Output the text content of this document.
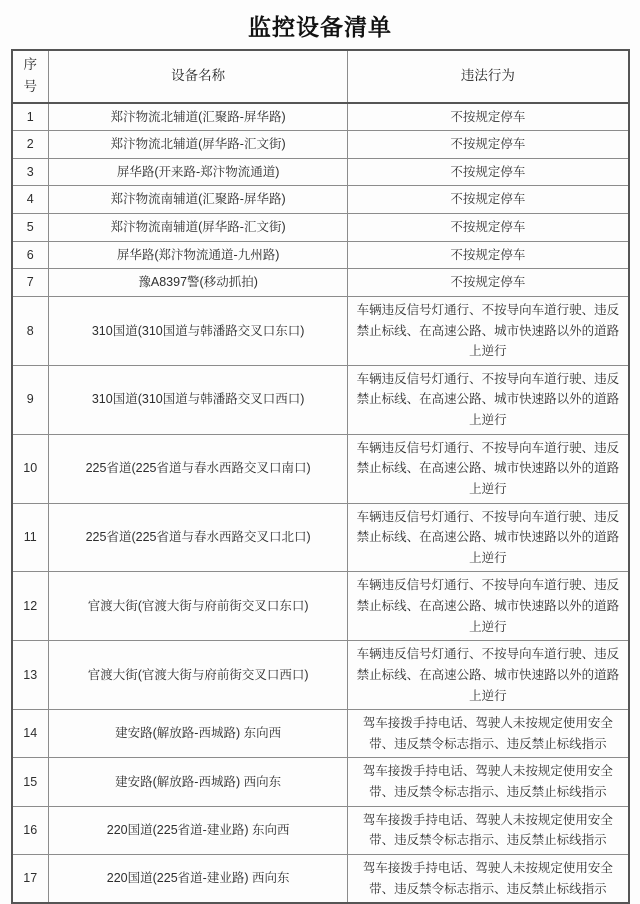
监控设备清单
序号	设备名称	违法行为
1	郑汴物流北辅道(汇聚路-屏华路)	不按规定停车
2	郑汴物流北辅道(屏华路-汇文街)	不按规定停车
3	屏华路(开来路-郑汴物流通道)	不按规定停车
4	郑汴物流南辅道(汇聚路-屏华路)	不按规定停车
5	郑汴物流南辅道(屏华路-汇文街)	不按规定停车
6	屏华路(郑汴物流通道-九州路)	不按规定停车
7	豫A8397警(移动抓拍)	不按规定停车
8	310国道(310国道与韩潘路交叉口东口)	车辆违反信号灯通行、不按导向车道行驶、违反禁止标线、在高速公路、城市快速路以外的道路上逆行
9	310国道(310国道与韩潘路交叉口西口)	车辆违反信号灯通行、不按导向车道行驶、违反禁止标线、在高速公路、城市快速路以外的道路上逆行
10	225省道(225省道与春水西路交叉口南口)	车辆违反信号灯通行、不按导向车道行驶、违反禁止标线、在高速公路、城市快速路以外的道路上逆行
11	225省道(225省道与春水西路交叉口北口)	车辆违反信号灯通行、不按导向车道行驶、违反禁止标线、在高速公路、城市快速路以外的道路上逆行
12	官渡大街(官渡大街与府前街交叉口东口)	车辆违反信号灯通行、不按导向车道行驶、违反禁止标线、在高速公路、城市快速路以外的道路上逆行
13	官渡大街(官渡大街与府前街交叉口西口)	车辆违反信号灯通行、不按导向车道行驶、违反禁止标线、在高速公路、城市快速路以外的道路上逆行
14	建安路(解放路-西城路) 东向西	驾车接拨手持电话、驾驶人未按规定使用安全带、违反禁令标志指示、违反禁止标线指示
15	建安路(解放路-西城路) 西向东	驾车接拨手持电话、驾驶人未按规定使用安全带、违反禁令标志指示、违反禁止标线指示
16	220国道(225省道-建业路) 东向西	驾车接拨手持电话、驾驶人未按规定使用安全带、违反禁令标志指示、违反禁止标线指示
17	220国道(225省道-建业路) 西向东	驾车接拨手持电话、驾驶人未按规定使用安全带、违反禁令标志指示、违反禁止标线指示
